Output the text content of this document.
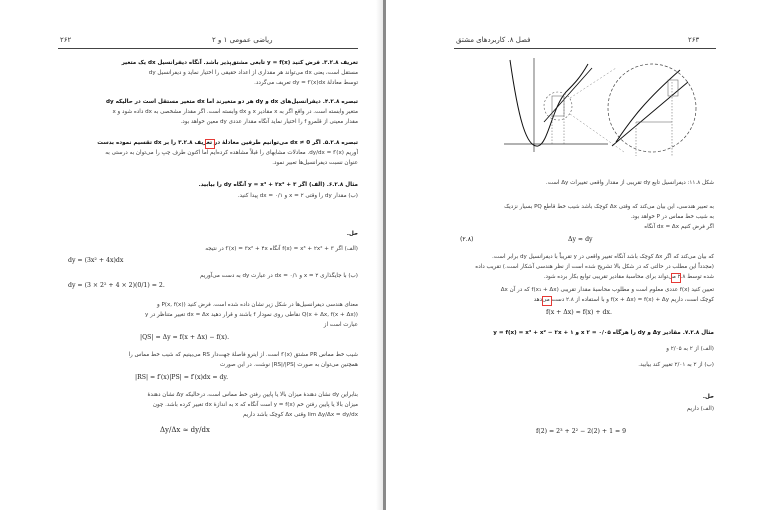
۲۶۲	ریاضی عمومی ۱ و ۲
تعریف ۳.۲.۸. فرض کنید y = f(x) تابعی مشتق‌پذیر باشد. آنگاه دیفرانسیل dx یک متغیر
مستقل است، یعنی dx می‌تواند هر مقداری از اعداد حقیقی را اختیار نماید و دیفرانسیل dy
توسط معادلهٔ dy = f′(x)dx تعریف می‌گردد.
تبصره ۴.۲.۸. دیفرانسیل‌های dx و dy هر دو متغیرند اما dx متغیر مستقل است در حالیکه dy
متغیر وابسته است. در واقع اگر به x مقادیر x و dx وابسته است. اگر مقدار مشخصی به dx داده شود و x
مقدار معینی از قلمرو f را اختیار نماید آنگاه مقدار عددی dy معین خواهد بود.
تبصره ۵.۲.۸. اگر dx ≠ 0 می‌توانیم طرفین معادلهٔ در تعریف ۳.۲.۸ را بر dx تقسیم نموده بدست
آوریم dy/dx = f′(x). معادلات مشابهای را قبلاً مشاهده کرده‌ایم اما اکنون طرف چپ را می‌توان به درستی به
عنوان نسبت دیفرانسیل‌ها تعبیر نمود.
مثال ۶.۲.۸. (الف) اگر y = x³ + ۲x² + ۳ آنگاه dy را بیابید.
(ب) مقدار dy را وقتی x = ۲ و dx = ۰/۱ پیدا کنید.
حل.
(الف) اگر f(x) = x³ + ۲x² + ۳ آنگاه f′(x) = ۳x² + ۴x در نتیجه
dy = (3x² + 4x)dx
(ب) با جایگذاری x = ۲ و dx = ۰/۱ در عبارت dy به دست می‌آوریم
dy = (3 × 2² + 4 × 2)(0/1) = 2.
معنای هندسی دیفرانسیل‌ها در شکل زیر نشان داده شده است. فرض کنید P(x, f(x)) و
Q(x + Δx, f(x + Δx)) نقاطی روی نمودار f باشند و قرار دهید dx = Δx تغییر متناظر در y
عبارت است از
|QS| = Δy = f(x + Δx) − f(x).
شیب خط مماس PR مشتق f′(x) است. از اینرو فاصلهٔ جهت‌دار RS می‌بینیم که شیب خط مماس را
همچنین می‌توان به صورت |RS|/|PS| نوشت. در این صورت
|RS| = f′(x)|PS| = f′(x)dx = dy.
بنابراین dy نشان دهندهٔ میزان بالا یا پایین رفتن خط مماس است، درحالیکه Δy نشان دهندهٔ
میزان بالا یا پایین رفتن خم y = f(x) است آنگاه که x به اندازهٔ dx تغییر کرده باشد. چون
lim Δy/Δx = dy/dx وقتی Δx کوچک باشد داریم
Δy/Δx ≈ dy/dx
فصل ۸. کاربردهای مشتق	۲۶۳
شکل ۱۱.۸: دیفرانسیل تابع dy تقریبی از مقدار واقعی تغییرات Δy است.
به تعبیر هندسی، این بیان می‌کند که وقتی Δx کوچک باشد شیب خط قاطع PQ بسیار نزدیک
به شیب خط مماس در P خواهد بود.
اگر فرض کنیم dx = Δx آنگاه
Δy ≈ dy
(۲.۸)
که بیان می‌کند که اگر Δx کوچک باشد آنگاه تغییر واقعی در y تقریباً با دیفرانسیل dy برابر است.
(مجدداً این مطلب در حالتی که در شکل بالا تشریح شده است از نظر هندسی آشکار است.) تقریب داده
شده توسط ۲.۸ می‌تواند برای محاسبهٔ مقادیر تقریبی توابع بکار برده شود.
تعیین کنید f(x) عددی معلوم است و مطلوب محاسبهٔ مقدار تقریبی f(x₁ + Δx) که در آن Δx
کوچک است، داریم f(x + Δx) = f(x) + Δy و با استفاده از ۲.۸ دست می‌دهد
f(x + Δx) ≈ f(x) + dx.
مثال ۷.۲.۸. مقادیر Δy و dy را هرگاه x ۲ = ۰/۰۵ و y = f(x) = x³ + x² − ۲x + ۱
(الف) از ۲ به ۲/۰۵ و
(ب) از ۲ به ۲/۰۱ تغییر کند بیابید.
حل.
(الف) داریم
f(2) = 2³ + 2² − 2(2) + 1 = 9
